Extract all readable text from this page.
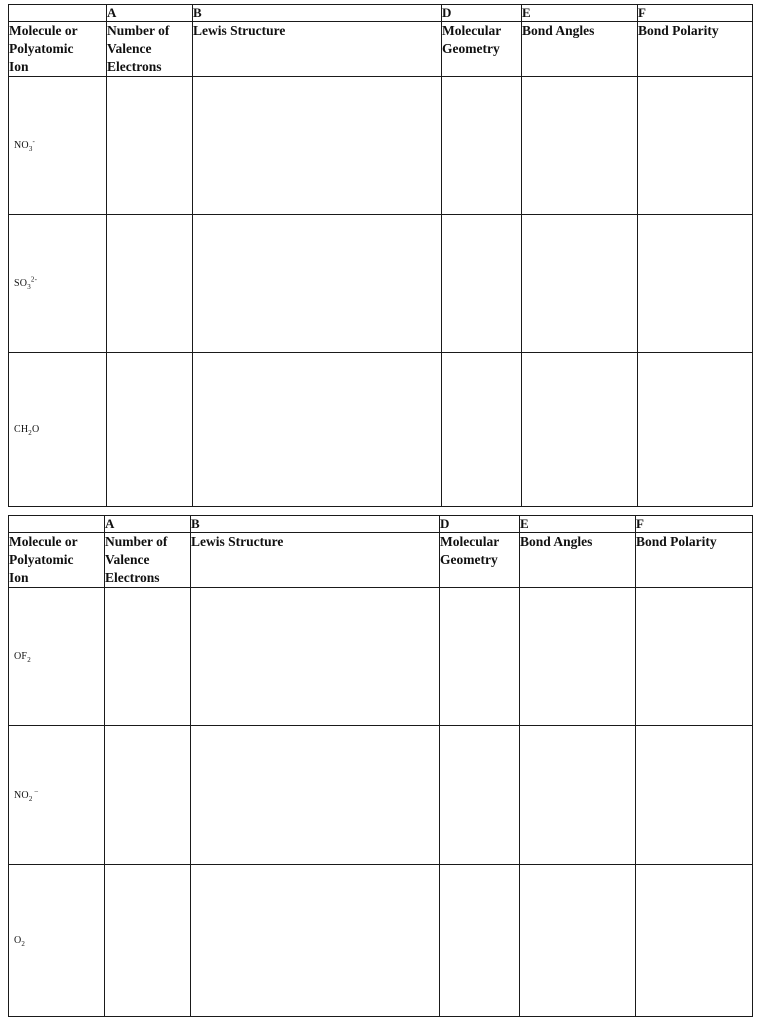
	A	B	D	E	F

Molecule or
Polyatomic
Ion	Number of
Valence
Electrons	Lewis Structure	Molecular
Geometry	Bond Angles	Bond Polarity
$NO_3^-$					
$SO_3^{2-}$					
$CH_2O$					
	A	B	D	E	F

Molecule or
Polyatomic
Ion	Number of
Valence
Electrons	Lewis Structure	Molecular
Geometry	Bond Angles	Bond Polarity
$OF_2$					
$NO_2$ –					
$O_2$					
